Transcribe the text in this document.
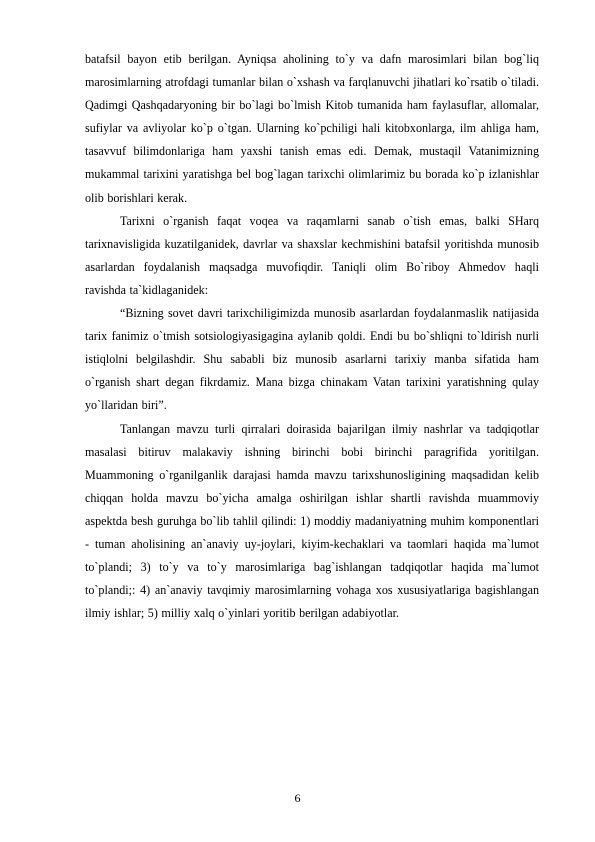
batafsil bayon etib berilgan. Ayniqsa aholining to`y va dafn marosimlari bilan bog`liq marosimlarning atrofdagi tumanlar bilan o`xshash va farqlanuvchi jihatlari ko`rsatib o`tiladi. Qadimgi Qashqadaryoning bir bo`lagi bo`lmish Kitob tumanida ham faylasuflar, allomalar, sufiylar va avliyolar ko`p o`tgan. Ularning ko`pchiligi hali kitobxonlarga, ilm ahliga ham, tasavvuf bilimdonlariga ham yaxshi tanish emas edi. Demak, mustaqil Vatanimizning mukammal tarixini yaratishga bel bog`lagan tarixchi olimlarimiz bu borada ko`p izlanishlar olib borishlari kerak.

Tarixni o`rganish faqat voqea va raqamlarni sanab o`tish emas, balki SHarq tarixnavisligida kuzatilganidek, davrlar va shaxslar kechmishini batafsil yoritishda munosib asarlardan foydalanish maqsadga muvofiqdir. Taniqli olim Bo`riboy Ahmedov haqli ravishda ta`kidlaganidek:

“Bizning sovet davri tarixchiligimizda munosib asarlardan foydalanmaslik natijasida tarix fanimiz o`tmish sotsiologiyasigagina aylanib qoldi. Endi bu bo`shliqni to`ldirish nurli istiqlolni belgilashdir. Shu sababli biz munosib asarlarni tarixiy manba sifatida ham o`rganish shart degan fikrdamiz. Mana bizga chinakam Vatan tarixini yaratishning qulay yo`llaridan biri”.

Tanlangan mavzu turli qirralari doirasida bajarilgan ilmiy nashrlar va tadqiqotlar masalasi bitiruv malakaviy ishning birinchi bobi birinchi paragrifida yoritilgan. Muammoning o`rganilganlik darajasi hamda mavzu tarixshunosligining maqsadidan kelib chiqqan holda mavzu bo`yicha amalga oshirilgan ishlar shartli ravishda muammoviy aspektda besh guruhga bo`lib tahlil qilindi: 1) moddiy madaniyatning muhim komponentlari - tuman aholisining an`anaviy uy-joylari, kiyim-kechaklari va taomlari haqida ma`lumot to`plandi; 3) to`y va to`y marosimlariga bag`ishlangan tadqiqotlar haqida ma`lumot to`plandi;: 4) an`anaviy tavqimiy marosimlarning vohaga xos xususiyatlariga bagishlangan ilmiy ishlar; 5) milliy xalq o`yinlari yoritib berilgan adabiyotlar.

6
